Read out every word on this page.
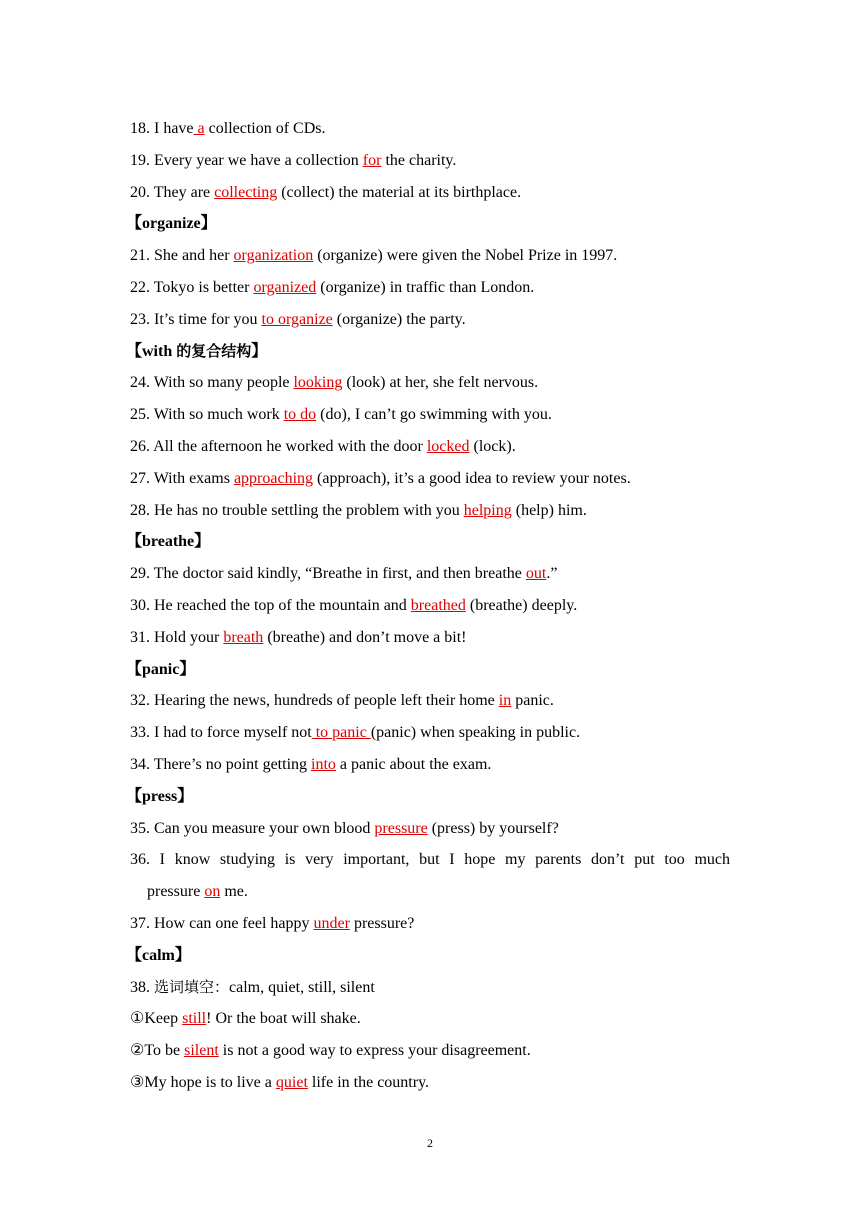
18. I have a collection of CDs.
19. Every year we have a collection for the charity.
20. They are collecting (collect) the material at its birthplace.
【organize】
21. She and her organization (organize) were given the Nobel Prize in 1997.
22. Tokyo is better organized (organize) in traffic than London.
23. It’s time for you to organize (organize) the party.
【with 的复合结构】
24. With so many people looking (look) at her, she felt nervous.
25. With so much work to do (do), I can’t go swimming with you.
26. All the afternoon he worked with the door locked (lock).
27. With exams approaching (approach), it’s a good idea to review your notes.
28. He has no trouble settling the problem with you helping (help) him.
【breathe】
29. The doctor said kindly, “Breathe in first, and then breathe out.”
30. He reached the top of the mountain and breathed (breathe) deeply.
31. Hold your breath (breathe) and don’t move a bit!
【panic】
32. Hearing the news, hundreds of people left their home in panic.
33. I had to force myself not to panic (panic) when speaking in public.
34. There’s no point getting into a panic about the exam.
【press】
35. Can you measure your own blood pressure (press) by yourself?
36. I know studying is very important, but I hope my parents don’t put too much
pressure on me.
37. How can one feel happy under pressure?
【calm】
38. 选词填空：calm, quiet, still, silent
①Keep still! Or the boat will shake.
②To be silent is not a good way to express your disagreement.
③My hope is to live a quiet life in the country.
2
